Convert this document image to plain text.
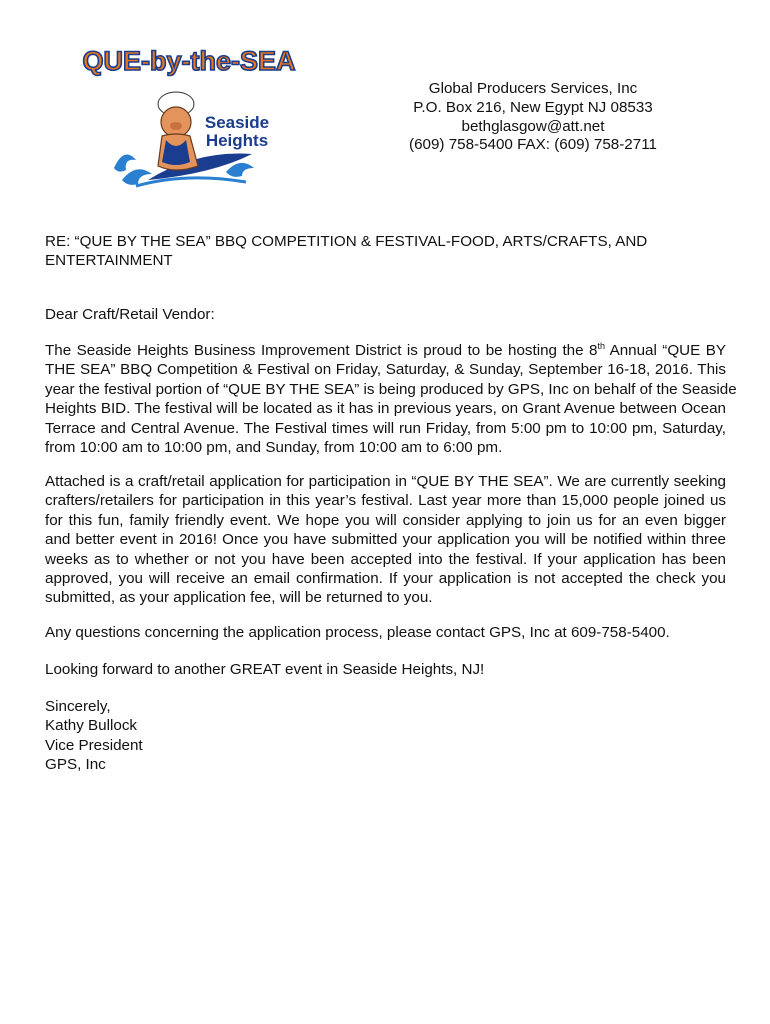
QUE-by-the-SEA
Seaside
Heights
Global Producers Services, Inc
P.O. Box 216, New Egypt NJ 08533
bethglasgow@att.net
(609) 758-5400 FAX: (609) 758-2711
RE: “QUE BY THE SEA” BBQ COMPETITION & FESTIVAL-FOOD, ARTS/CRAFTS, AND
ENTERTAINMENT
Dear Craft/Retail Vendor:
The Seaside Heights Business Improvement District is proud to be hosting the 8th Annual “QUE BY
THE SEA” BBQ Competition & Festival on Friday, Saturday, & Sunday, September 16-18, 2016. This
year the festival portion of “QUE BY THE SEA” is being produced by GPS, Inc on behalf of the Seaside
Heights BID. The festival will be located as it has in previous years, on Grant Avenue between Ocean
Terrace and Central Avenue. The Festival times will run Friday, from 5:00 pm to 10:00 pm, Saturday,
from 10:00 am to 10:00 pm, and Sunday, from 10:00 am to 6:00 pm.
Attached is a craft/retail application for participation in “QUE BY THE SEA”. We are currently seeking
crafters/retailers for participation in this year’s festival. Last year more than 15,000 people joined us
for this fun, family friendly event. We hope you will consider applying to join us for an even bigger
and better event in 2016! Once you have submitted your application you will be notified within three
weeks as to whether or not you have been accepted into the festival. If your application has been
approved, you will receive an email confirmation. If your application is not accepted the check you
submitted, as your application fee, will be returned to you.
Any questions concerning the application process, please contact GPS, Inc at 609-758-5400.
Looking forward to another GREAT event in Seaside Heights, NJ!
Sincerely,
Kathy Bullock
Vice President
GPS, Inc
